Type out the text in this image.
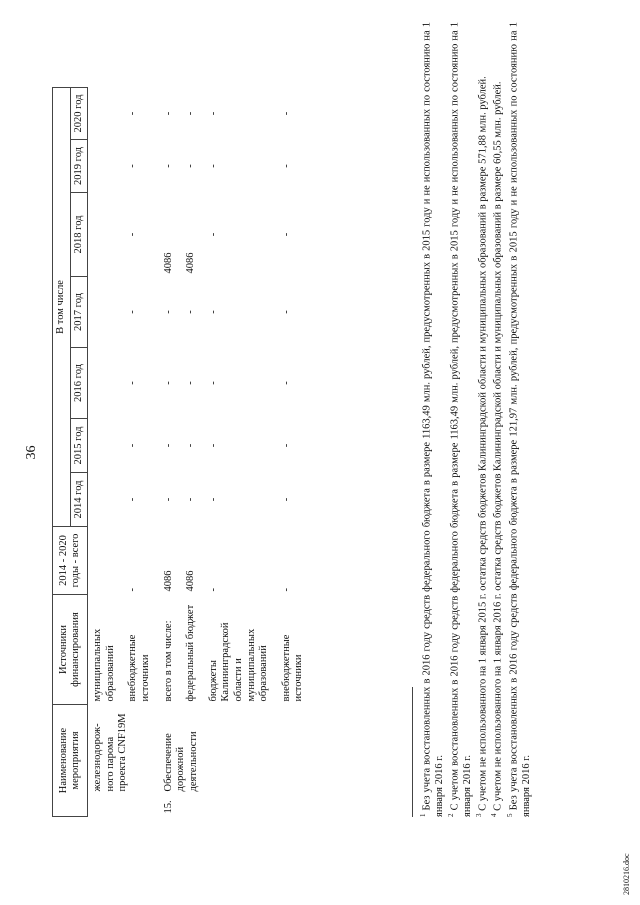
36
Наименование мероприятия		Источники финансирования	2014 - 2020 годы - всего	В том числе							
				2014 год	2015 год	2016 год	2017 год	2018 год	2019 год	2020 год	
	железнодорож-ного парома проекта CNF19M	муниципальных образований									
		внебюджетные источники	-	-	-	-	-	-	-	-	
15.	Обеспечение дорожной деятельности	всего в том числе:	4086	-	-	-	-	4086	-	-	
		федеральный бюджет	4086	-	-	-	-	4086	-	-	
		бюджеты Калининградской области и муниципальных образований	-	-	-	-	-	-	-	-	
		внебюджетные источники	-	-	-	-	-	-	-	-	

$^1$ Без учета восстановленных в 2016 году средств федерального бюджета в размере 1163,49 млн. рублей, предусмотренных в 2015 году и не использованных по состоянию на 1 января 2016 г. $^2$ С учетом восстановленных в 2016 году средств федерального бюджета в размере 1163,49 млн. рублей, предусмотренных в 2015 году и не использованных по состоянию на 1 января 2016 г. $^3$ С учетом не использованного на 1 января 2015 г. остатка средств бюджетов Калининградской области и муниципальных образований в размере 571,88 млн. рублей.

$^4$ С учетом не использованного на 1 января 2016 г. остатка средств бюджетов Калининградской области и муниципальных образований в размере 60,55 млн. рублей.

$^5$ Без учета восстановленных в 2016 году средств федерального бюджета в размере 121,97 млн. рублей, предусмотренных в 2015 году и не использованных по состоянию на 1 января 2016 г.

2810216.doc
